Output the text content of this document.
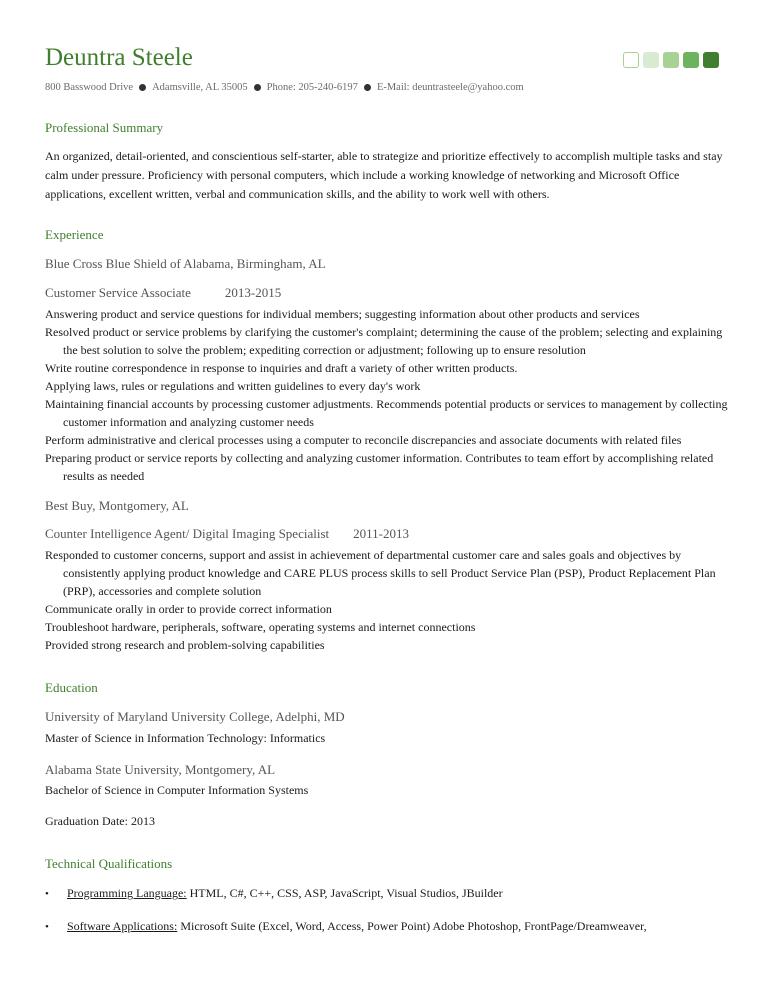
Deuntra Steele
800 Basswood Drive Adamsville, AL 35005 Phone: 205-240-6197 E-Mail: deuntrasteele@yahoo.com
Professional Summary
An organized, detail-oriented, and conscientious self-starter, able to strategize and prioritize effectively to accomplish multiple tasks and stay calm under pressure. Proficiency with personal computers, which include a working knowledge of networking and Microsoft Office applications, excellent written, verbal and communication skills, and the ability to work well with others.
Experience
Blue Cross Blue Shield of Alabama, Birmingham, AL
Customer Service Associate	2013-2015
Answering product and service questions for individual members; suggesting information about other products and services
Resolved product or service problems by clarifying the customer's complaint; determining the cause of the problem; selecting and explaining the best solution to solve the problem; expediting correction or adjustment; following up to ensure resolution
Write routine correspondence in response to inquiries and draft a variety of other written products.
Applying laws, rules or regulations and written guidelines to every day's work
Maintaining financial accounts by processing customer adjustments. Recommends potential products or services to management by collecting customer information and analyzing customer needs
Perform administrative and clerical processes using a computer to reconcile discrepancies and associate documents with related files
Preparing product or service reports by collecting and analyzing customer information. Contributes to team effort by accomplishing related results as needed
Best Buy, Montgomery, AL
Counter Intelligence Agent/ Digital Imaging Specialist 2011-2013
Responded to customer concerns, support and assist in achievement of departmental customer care and sales goals and objectives by consistently applying product knowledge and CARE PLUS process skills to sell Product Service Plan (PSP), Product Replacement Plan (PRP), accessories and complete solution
Communicate orally in order to provide correct information
Troubleshoot hardware, peripherals, software, operating systems and internet connections
Provided strong research and problem-solving capabilities
Education
University of Maryland University College, Adelphi, MD
Master of Science in Information Technology: Informatics
Alabama State University, Montgomery, AL
Bachelor of Science in Computer Information Systems
Graduation Date: 2013
Technical Qualifications
• Programming Language: HTML, C#, C++, CSS, ASP, JavaScript, Visual Studios, JBuilder
• Software Applications: Microsoft Suite (Excel, Word, Access, Power Point) Adobe Photoshop, FrontPage/Dreamweaver,
